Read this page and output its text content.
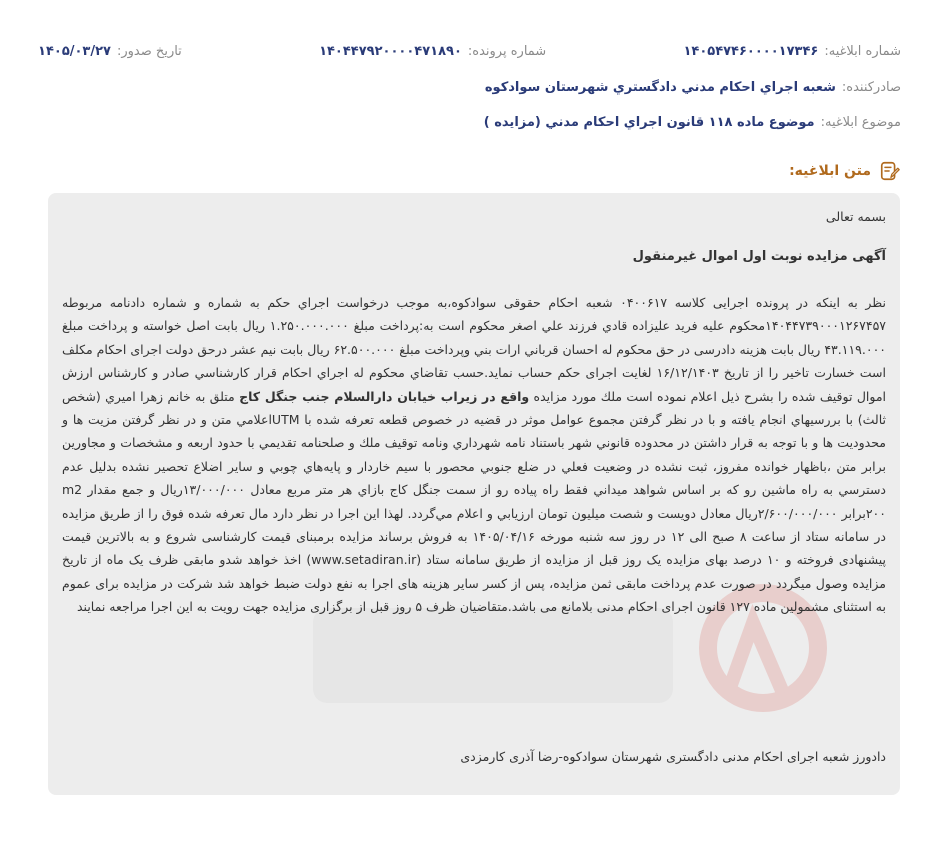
شماره ابلاغيه:
۱۴۰۵۴۷۴۶۰۰۰۰۱۷۳۴۶
شماره پرونده:
۱۴۰۴۴۷۹۲۰۰۰۰۴۷۱۸۹۰
تاريخ صدور:
۱۴۰۵/۰۳/۲۷
صادرکننده:
شعبه اجراي احكام مدني دادگستري شهرستان سوادكوه
موضوع ابلاغيه:
موضوع ماده ۱۱۸ قانون اجراي احكام مدني (مزايده )
متن ابلاغيه:
بسمه تعالی
آگهی مزایده نوبت اول اموال غیرمنقول
نظر به اینکه در پرونده اجرایی کلاسه ۰۴۰۰۶۱۷ شعبه احکام حقوقی سوادکوه،به موجب درخواست اجراي حكم به شماره و شماره دادنامه مربوطه ۱۴۰۴۴۷۳۹۰۰۰۱۲۶۷۴۵۷محكوم عليه فريد عليزاده قادي فرزند علي اصغر محکوم است به:پرداخت مبلغ ۱.۲۵۰.۰۰۰.۰۰۰ ريال بابت اصل خواسته و پرداخت مبلغ ۴۳.۱۱۹.۰۰۰ ريال بابت هزينه دادرسی در حق محکوم له احسان قرباني ارات بني وپرداخت مبلغ ۶۲.۵۰۰.۰۰۰ ریال بابت نیم عشر درحق دولت اجرای احکام مکلف است خسارت تاخیر را از تاریخ ۱۶/۱۲/۱۴۰۳ لغایت اجرای حکم حساب نماید.حسب تقاضاي محكوم له اجراي احكام قرار كارشناسي صادر و كارشناس ارزش اموال توقيف شده را بشرح ذيل اعلام نموده است ملك مورد مزايده واقع در زيراب خيابان دارالسلام جنب جنگل كاج متلق به خانم زهرا اميري (شخص ثالث) با بررسيهاي انجام يافته و با در نظر گرفتن مجموع عوامل موثر در قضيه در خصوص قطعه تعرفه شده با UTMاعلامي متن و در نظر گرفتن مزيت ها و محدوديت ها و با توجه به قرار داشتن در محدوده قانوني شهر باستناد نامه شهرداري ونامه توقيف ملك و صلحنامه تقديمي با حدود اربعه و مشخصات و مجاورين برابر متن ،باظهار خوانده مفروز، ثبت نشده در وضعيت فعلي در ضلع جنوبي محصور با سيم خاردار و پايه‌هاي چوبي و ساير اضلاع تحصير نشده بدليل عدم دسترسي به راه ماشين رو كه بر اساس شواهد ميداني فقط راه پياده رو از سمت جنگل كاج بازاي هر متر مربع معادل ۱۳/۰۰۰/۰۰۰ريال و جمع مقدار m2 ۲۰۰برابر ۲/۶۰۰/۰۰۰/۰۰۰ريال معادل دويست و شصت ميليون تومان ارزيابي و اعلام مي‌گردد. لهذا این اجرا در نظر دارد مال تعرفه شده فوق را از طریق مزایده در سامانه ستاد از ساعت ۸ صبح الی ۱۲ در روز سه شنبه مورخه ۱۴۰۵/۰۴/۱۶ به فروش برساند مزایده برمبنای قیمت کارشناسی شروع و به بالاترین قیمت پیشنهادی فروخته و ۱۰ درصد بهای مزایده یک روز قبل از مزایده از طریق سامانه ستاد (www.setadiran.ir) اخذ خواهد شدو مابقی ظرف یک ماه از تاریخ مزایده وصول میگردد در صورت عدم پرداخت مابقی ثمن مزایده، پس از کسر سایر هزینه های اجرا به نفع دولت ضبط خواهد شد شرکت در مزایده برای عموم به استثنای مشمولین ماده ۱۲۷ قانون اجرای احکام مدنی بلامانع می باشد.متقاضیان ظرف ۵ روز قبل از برگزاری مزایده جهت رویت به این اجرا مراجعه نمایند
دادورز شعبه اجرای احکام مدنی دادگستری شهرستان سوادکوه-رضا آذری کارمزدی
